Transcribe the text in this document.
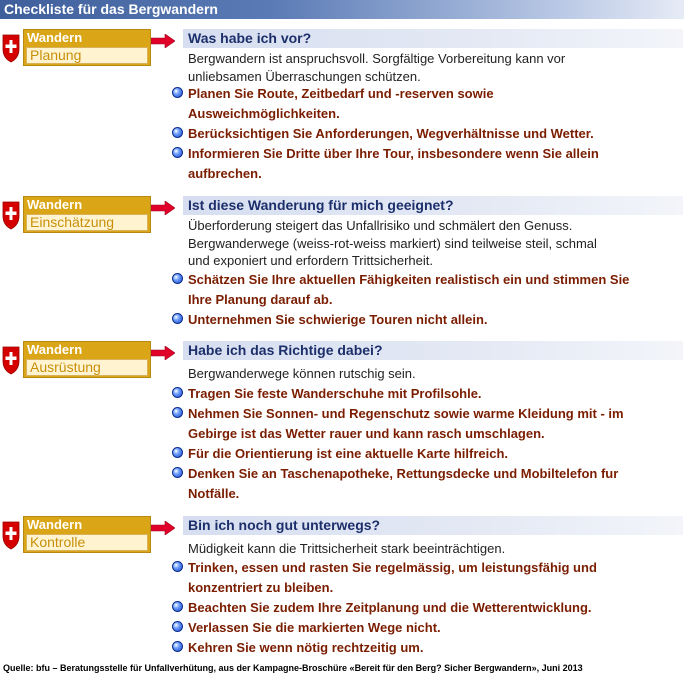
Checkliste für das Bergwandern
Wandern
Planung
Was habe ich vor?
Bergwandern ist anspruchsvoll. Sorgfältige Vorbereitung kann vor
unliebsamen Überraschungen schützen.
Planen Sie Route, Zeitbedarf und -reserven sowie
Ausweichmöglichkeiten.
Berücksichtigen Sie Anforderungen, Wegverhältnisse und Wetter.
Informieren Sie Dritte über Ihre Tour, insbesondere wenn Sie allein
aufbrechen.
Wandern
Einschätzung
Ist diese Wanderung für mich geeignet?
Überforderung steigert das Unfallrisiko und schmälert den Genuss.
Bergwanderwege (weiss-rot-weiss markiert) sind teilweise steil, schmal
und exponiert und erfordern Trittsicherheit.
Schätzen Sie Ihre aktuellen Fähigkeiten realistisch ein und stimmen Sie
Ihre Planung darauf ab.
Unternehmen Sie schwierige Touren nicht allein.
Wandern
Ausrüstung
Habe ich das Richtige dabei?
Bergwanderwege können rutschig sein.
Tragen Sie feste Wanderschuhe mit Profilsohle.
Nehmen Sie Sonnen- und Regenschutz sowie warme Kleidung mit - im
Gebirge ist das Wetter rauer und kann rasch umschlagen.
Für die Orientierung ist eine aktuelle Karte hilfreich.
Denken Sie an Taschenapotheke, Rettungsdecke und Mobiltelefon fur
Notfälle.
Wandern
Kontrolle
Bin ich noch gut unterwegs?
Müdigkeit kann die Trittsicherheit stark beeinträchtigen.
Trinken, essen und rasten Sie regelmässig, um leistungsfähig und
konzentriert zu bleiben.
Beachten Sie zudem Ihre Zeitplanung und die Wetterentwicklung.
Verlassen Sie die markierten Wege nicht.
Kehren Sie wenn nötig rechtzeitig um.
Quelle: bfu – Beratungsstelle für Unfallverhütung, aus der Kampagne-Broschüre «Bereit für den Berg? Sicher Bergwandern», Juni 2013
